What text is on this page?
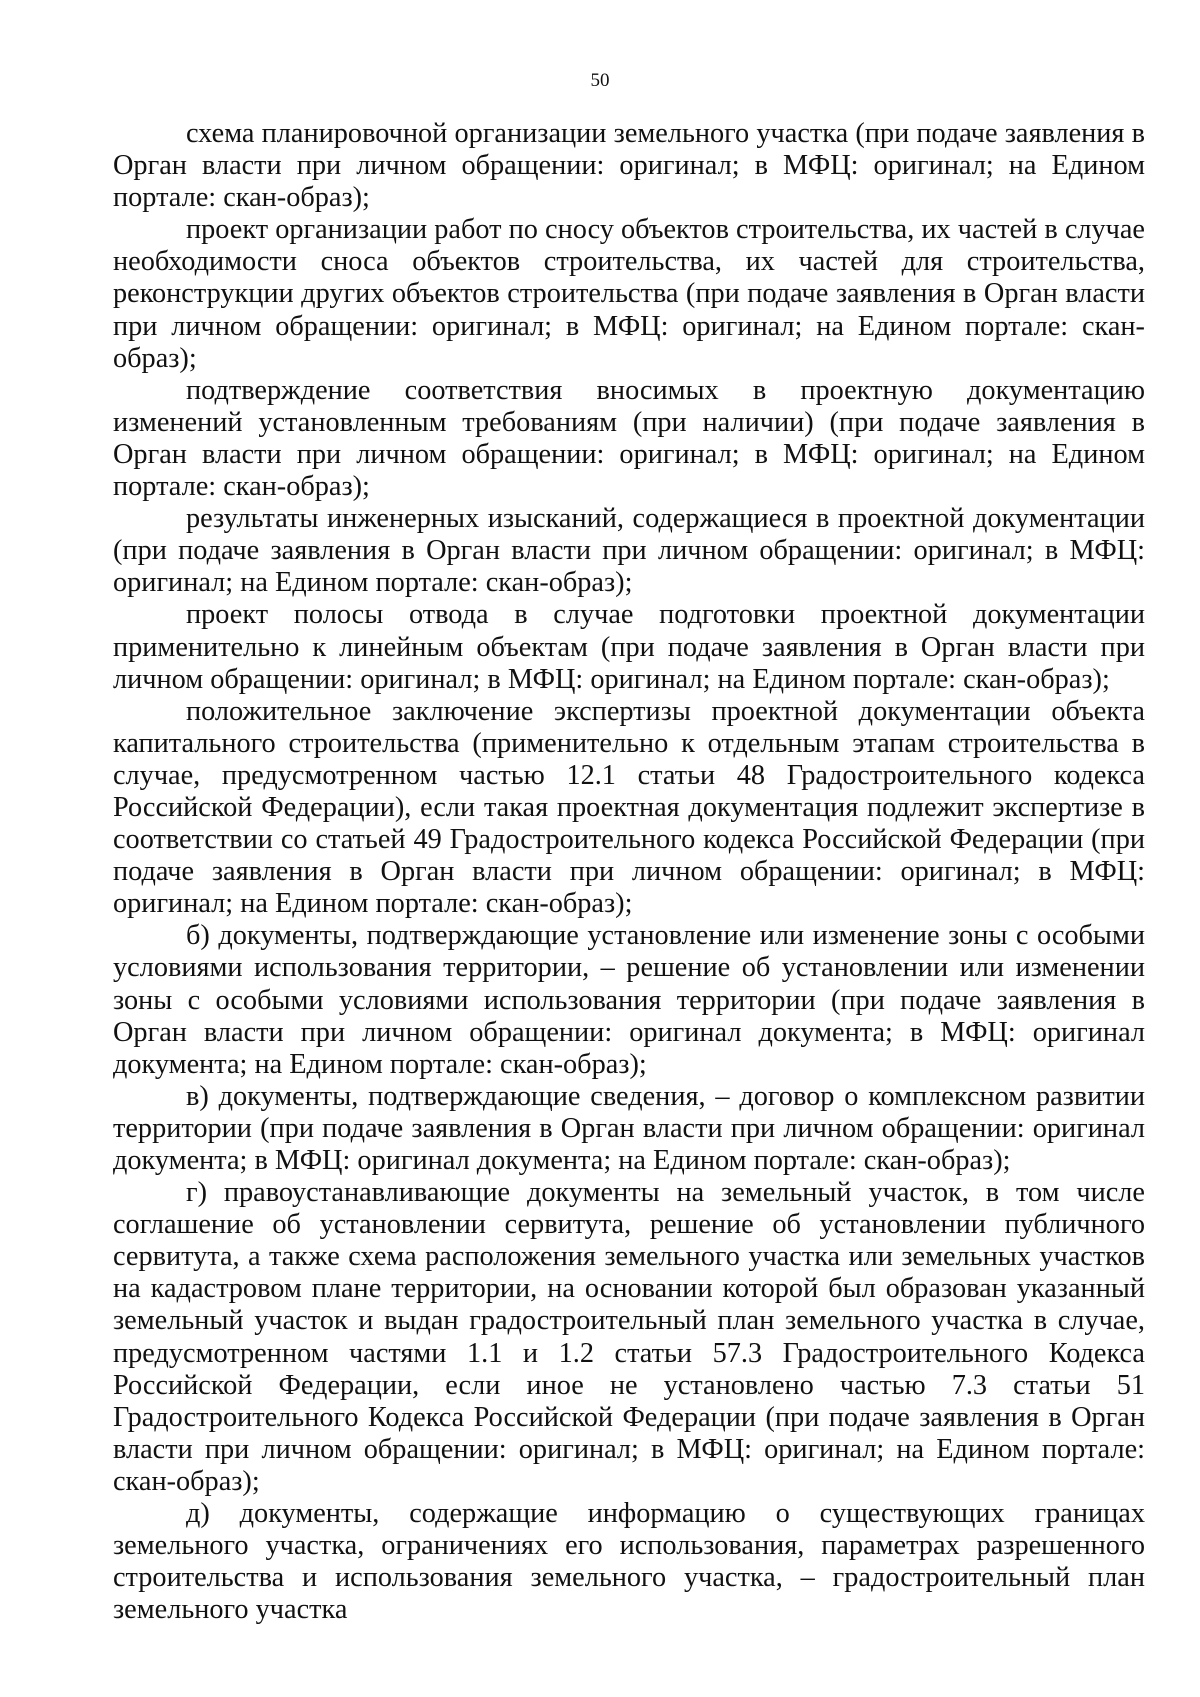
50

схема планировочной организации земельного участка (при подаче заявления в Орган власти при личном обращении: оригинал; в МФЦ: оригинал; на Едином портале: скан-образ);

проект организации работ по сносу объектов строительства, их частей в случае необходимости сноса объектов строительства, их частей для строительства, реконструкции других объектов строительства (при подаче заявления в Орган власти при личном обращении: оригинал; в МФЦ: оригинал; на Едином портале: скан-образ);

подтверждение соответствия вносимых в проектную документацию изменений установленным требованиям (при наличии) (при подаче заявления в Орган власти при личном обращении: оригинал; в МФЦ: оригинал; на Едином портале: скан-образ);

результаты инженерных изысканий, содержащиеся в проектной документации (при подаче заявления в Орган власти при личном обращении: оригинал; в МФЦ: оригинал; на Едином портале: скан-образ);

проект полосы отвода в случае подготовки проектной документации применительно к линейным объектам (при подаче заявления в Орган власти при личном обращении: оригинал; в МФЦ: оригинал; на Едином портале: скан-образ);

положительное заключение экспертизы проектной документации объекта капитального строительства (применительно к отдельным этапам строительства в случае, предусмотренном частью 12.1 статьи 48 Градостроительного кодекса Российской Федерации), если такая проектная документация подлежит экспертизе в соответствии со статьей 49 Градостроительного кодекса Российской Федерации (при подаче заявления в Орган власти при личном обращении: оригинал; в МФЦ: оригинал; на Едином портале: скан-образ);

б) документы, подтверждающие установление или изменение зоны с особыми условиями использования территории, – решение об установлении или изменении зоны с особыми условиями использования территории (при подаче заявления в Орган власти при личном обращении: оригинал документа; в МФЦ: оригинал документа; на Едином портале: скан-образ);

в) документы, подтверждающие сведения, – договор о комплексном развитии территории (при подаче заявления в Орган власти при личном обращении: оригинал документа; в МФЦ: оригинал документа; на Едином портале: скан-образ);

г) правоустанавливающие документы на земельный участок, в том числе соглашение об установлении сервитута, решение об установлении публичного сервитута, а также схема расположения земельного участка или земельных участков на кадастровом плане территории, на основании которой был образован указанный земельный участок и выдан градостроительный план земельного участка в случае, предусмотренном частями 1.1 и 1.2 статьи 57.3 Градостроительного Кодекса Российской Федерации, если иное не установлено частью 7.3 статьи 51 Градостроительного Кодекса Российской Федерации (при подаче заявления в Орган власти при личном обращении: оригинал; в МФЦ: оригинал; на Едином портале: скан-образ);

д) документы, содержащие информацию о существующих границах земельного участка, ограничениях его использования, параметрах разрешенного строительства и использования земельного участка, – градостроительный план земельного участка
